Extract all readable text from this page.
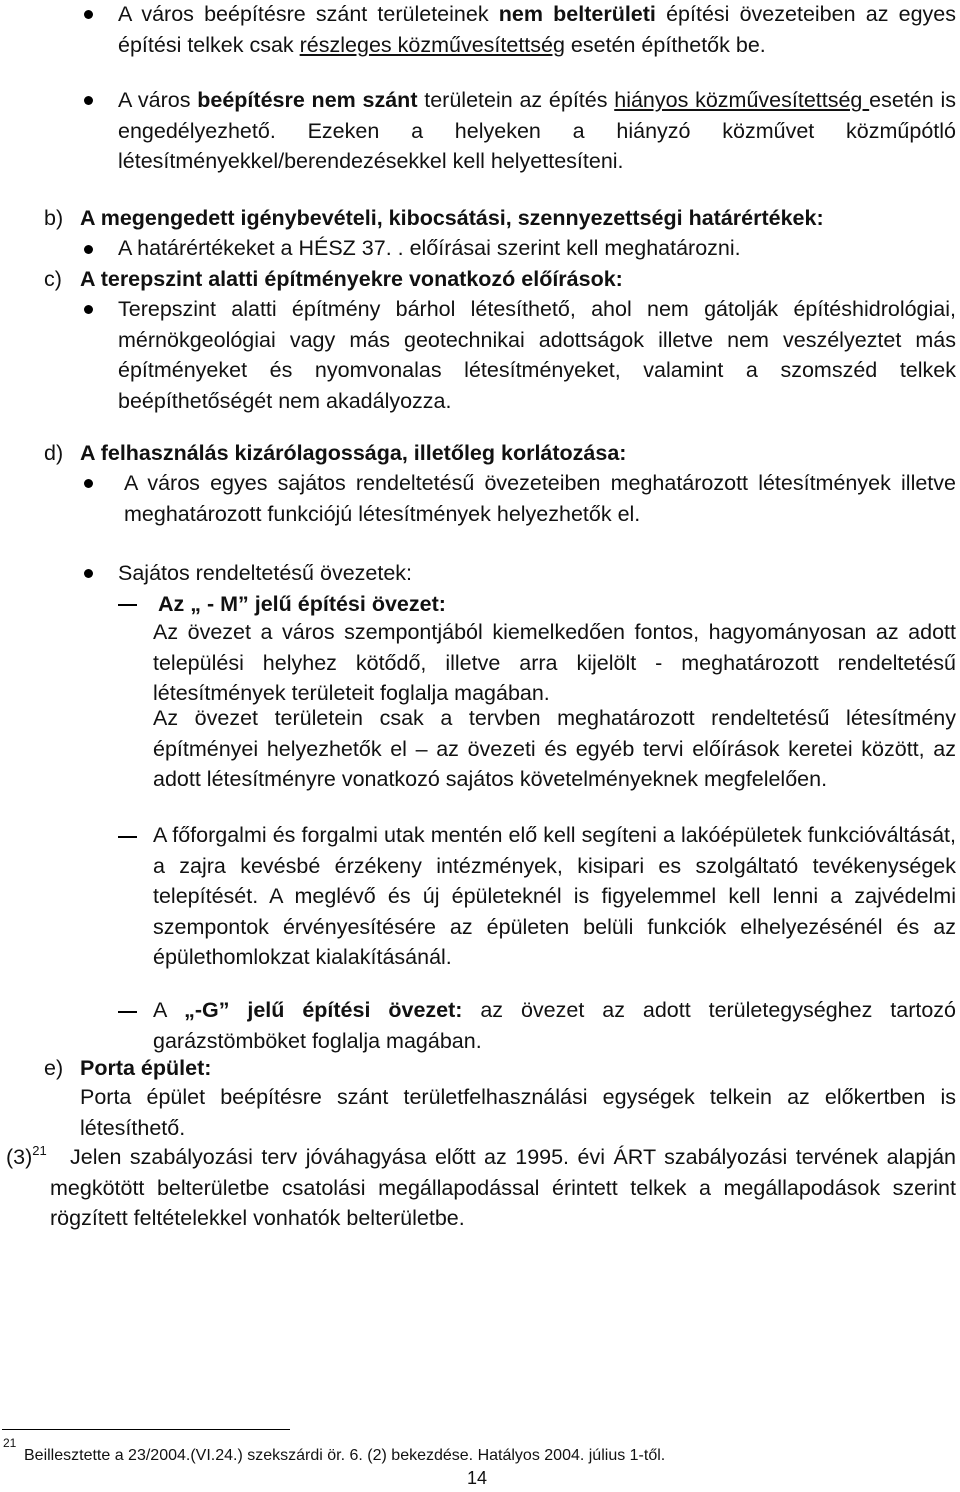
A város beépítésre szánt területeinek nem belterületi építési övezeteiben az egyes építési telkek csak részleges közművesítettség esetén építhetők be.
A város beépítésre nem szánt területein az építés hiányos közművesítettség esetén is engedélyezhető. Ezeken a helyeken a hiányzó közművet közműpótló létesítményekkel/berendezésekkel kell helyettesíteni.
b) A megengedett igénybevételi, kibocsátási, szennyezettségi határértékek:
A határértékeket a HÉSZ 37. . előírásai szerint kell meghatározni.
c) A terepszint alatti építményekre vonatkozó előírások:
Terepszint alatti építmény bárhol létesíthető, ahol nem gátolják építéshidrológiai, mérnökgeológiai vagy más geotechnikai adottságok illetve nem veszélyeztet más építményeket és nyomvonalas létesítményeket, valamint a szomszéd telkek beépíthetőségét nem akadályozza.
d) A felhasználás kizárólagossága, illetőleg korlátozása:
A város egyes sajátos rendeltetésű övezeteiben meghatározott létesítmények illetve meghatározott funkciójú létesítmények helyezhetők el.
Sajátos rendeltetésű övezetek:
Az „ - M” jelű építési övezet:
Az övezet a város szempontjából kiemelkedően fontos, hagyományosan az adott települési helyhez kötődő, illetve arra kijelölt - meghatározott rendeltetésű létesítmények területeit foglalja magában.
Az övezet területein csak a tervben meghatározott rendeltetésű létesítmény építményei helyezhetők el – az övezeti és egyéb tervi előírások keretei között, az adott létesítményre vonatkozó sajátos követelményeknek megfelelően.
A főforgalmi és forgalmi utak mentén elő kell segíteni a lakóépületek funkcióváltását, a zajra kevésbé érzékeny intézmények, kisipari es szolgáltató tevékenységek telepítését. A meglévő és új épületeknél is figyelemmel kell lenni a zajvédelmi szempontok érvényesítésére az épületen belüli funkciók elhelyezésénél és az épülethomlokzat kialakításánál.
A „-G” jelű építési övezet: az övezet az adott területegységhez tartozó garázstömböket foglalja magában.
e) Porta épület:
Porta épület beépítésre szánt területfelhasználási egységek telkein az előkertben is létesíthető.
$(3)^{21}$	Jelen szabályozási terv jóváhagyása előtt az 1995. évi ÁRT szabályozási tervének alapján megkötött belterületbe csatolási megállapodással érintett telkek a megállapodások szerint rögzített feltételekkel vonhatók belterületbe.
21
Beillesztette a 23/2004.(VI.24.) szekszárdi ör. 6. (2) bekezdése. Hatályos 2004. július 1-től.
14
